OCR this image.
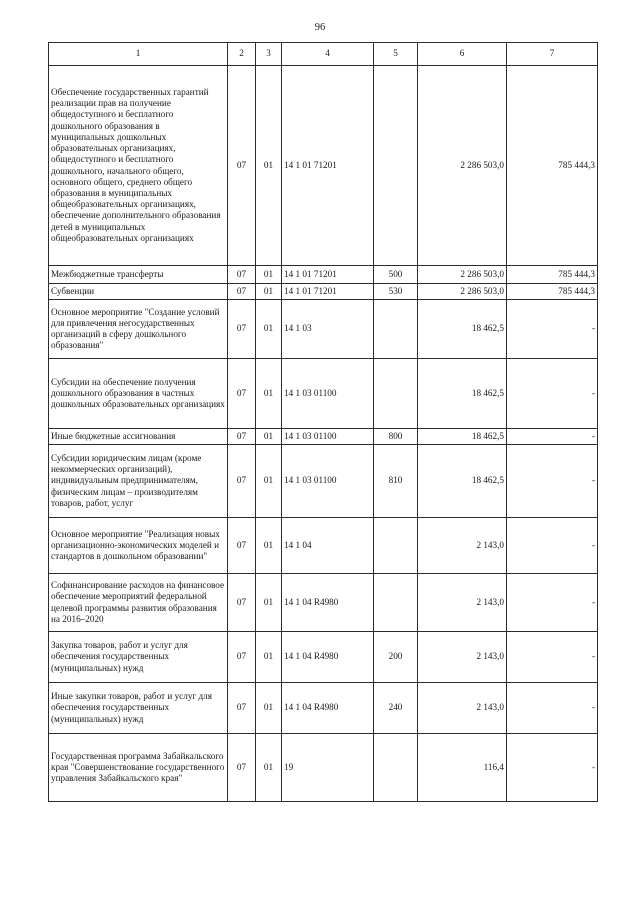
96
1	2	3	4	5	6	7
Обеспечение государственных гарантий реализации прав на получение общедоступного и бесплатного дошкольного образования в муниципальных дошкольных образовательных организациях, общедоступного и бесплатного дошкольного, начального общего, основного общего, среднего общего образования в муниципальных общеобразовательных организациях, обеспечение дополнительного образования детей в муниципальных общеобразовательных организациях	07	01	14 1 01 71201		2 286 503,0	785 444,3
Межбюджетные трансферты	07	01	14 1 01 71201	500	2 286 503,0	785 444,3
Субвенции	07	01	14 1 01 71201	530	2 286 503,0	785 444,3
Основное мероприятие "Создание условий для привлечения негосударственных организаций в сферу дошкольного образования"	07	01	14 1 03		18 462,5	-
Субсидии на обеспечение получения дошкольного образования в частных дошкольных образовательных организациях	07	01	14 1 03 01100		18 462,5	-
Иные бюджетные ассигнования	07	01	14 1 03 01100	800	18 462,5	-
Субсидии юридическим лицам (кроме некоммерческих организаций), индивидуальным предпринимателям, физическим лицам – производителям товаров, работ, услуг	07	01	14 1 03 01100	810	18 462,5	-
Основное мероприятие "Реализация новых организационно-экономических моделей и стандартов в дошкольном образовании"	07	01	14 1 04		2 143,0	-
Софинансирование расходов на финансовое обеспечение мероприятий федеральной целевой программы развития образования на 2016–2020	07	01	14 1 04 R4980		2 143,0	-
Закупка товаров, работ и услуг для обеспечения государственных (муниципальных) нужд	07	01	14 1 04 R4980	200	2 143,0	-
Иные закупки товаров, работ и услуг для обеспечения государственных (муниципальных) нужд	07	01	14 1 04 R4980	240	2 143,0	-
Государственная программа Забайкальского края "Совершенствование государственного управления Забайкальского края"	07	01	19		116,4	-
